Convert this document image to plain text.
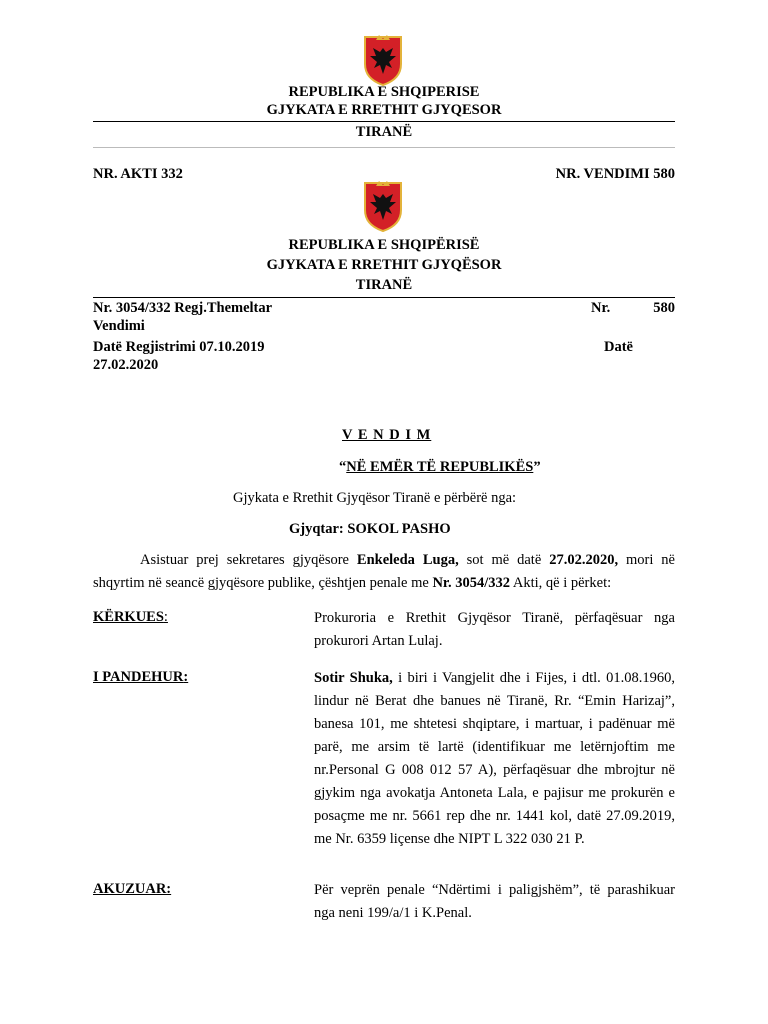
REPUBLIKA E SHQIPERISE
GJYKATA E RRETHIT GJYQESOR
TIRANË
NR. AKTI 332	NR. VENDIMI 580
REPUBLIKA E SHQIPËRISË
GJYKATA E RRETHIT GJYQËSOR
TIRANË
Nr. 3054/332 Regj.Themeltar	Nr.	580
Vendimi
Datë Regjistrimi 07.10.2019	Datë
27.02.2020
V E N D I M
“NË EMËR TË REPUBLIKËS”
Gjykata e Rrethit Gjyqësor Tiranë e përbërë nga:
Gjyqtar: SOKOL PASHO
Asistuar prej sekretares gjyqësore Enkeleda Luga, sot më datë 27.02.2020, mori në shqyrtim në seancë gjyqësore publike, çështjen penale me Nr. 3054/332 Akti, që i përket:
KËRKUES:	Prokuroria e Rrethit Gjyqësor Tiranë, përfaqësuar nga prokurori Artan Lulaj.
I PANDEHUR:	Sotir Shuka, i biri i Vangjelit dhe i Fijes, i dtl. 01.08.1960, lindur në Berat dhe banues në Tiranë, Rr. “Emin Harizaj”, banesa 101, me shtetesi shqiptare, i martuar, i padënuar më parë, me arsim të lartë (identifikuar me letërnjoftim me nr.Personal G 008 012 57 A), përfaqësuar dhe mbrojtur në gjykim nga avokatja Antoneta Lala, e pajisur me prokurën e posaçme me nr. 5661 rep dhe nr. 1441 kol, datë 27.09.2019, me Nr. 6359 liçense dhe NIPT L 322 030 21 P.
AKUZUAR:	Për veprën penale “Ndërtimi i paligjshëm”, të parashikuar nga neni 199/a/1 i K.Penal.
